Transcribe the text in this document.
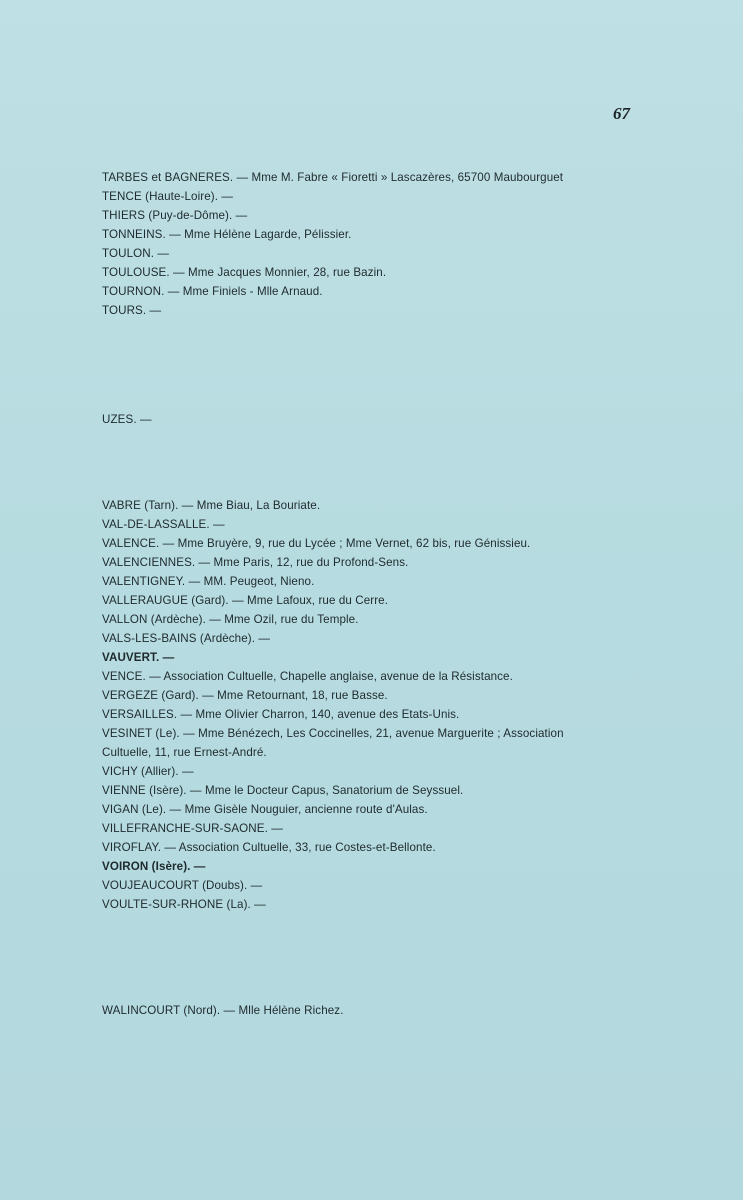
67
TARBES et BAGNERES. — Mme M. Fabre « Fioretti » Lascazères, 65700 Maubourguet
TENCE (Haute-Loire). —
THIERS (Puy-de-Dôme). —
TONNEINS. — Mme Hélène Lagarde, Pélissier.
TOULON. —
TOULOUSE. — Mme Jacques Monnier, 28, rue Bazin.
TOURNON. — Mme Finiels - Mlle Arnaud.
TOURS. —
UZES. —
VABRE (Tarn). — Mme Biau, La Bouriate.
VAL-DE-LASSALLE. —
VALENCE. — Mme Bruyère, 9, rue du Lycée ; Mme Vernet, 62 bis, rue Génissieu.
VALENCIENNES. — Mme Paris, 12, rue du Profond-Sens.
VALENTIGNEY. — MM. Peugeot, Nieno.
VALLERAUGUE (Gard). — Mme Lafoux, rue du Cerre.
VALLON (Ardèche). — Mme Ozil, rue du Temple.
VALS-LES-BAINS (Ardèche). —
VAUVERT. —
VENCE. — Association Cultuelle, Chapelle anglaise, avenue de la Résistance.
VERGEZE (Gard). — Mme Retournant, 18, rue Basse.
VERSAILLES. — Mme Olivier Charron, 140, avenue des Etats-Unis.
VESINET (Le). — Mme Bénézech, Les Coccinelles, 21, avenue Marguerite ; Association
Cultuelle, 11, rue Ernest-André.
VICHY (Allier). —
VIENNE (Isère). — Mme le Docteur Capus, Sanatorium de Seyssuel.
VIGAN (Le). — Mme Gisèle Nouguier, ancienne route d'Aulas.
VILLEFRANCHE-SUR-SAONE. —
VIROFLAY. — Association Cultuelle, 33, rue Costes-et-Bellonte.
VOIRON (Isère). —
VOUJEAUCOURT (Doubs). —
VOULTE-SUR-RHONE (La). —
WALINCOURT (Nord). — Mlle Hélène Richez.
